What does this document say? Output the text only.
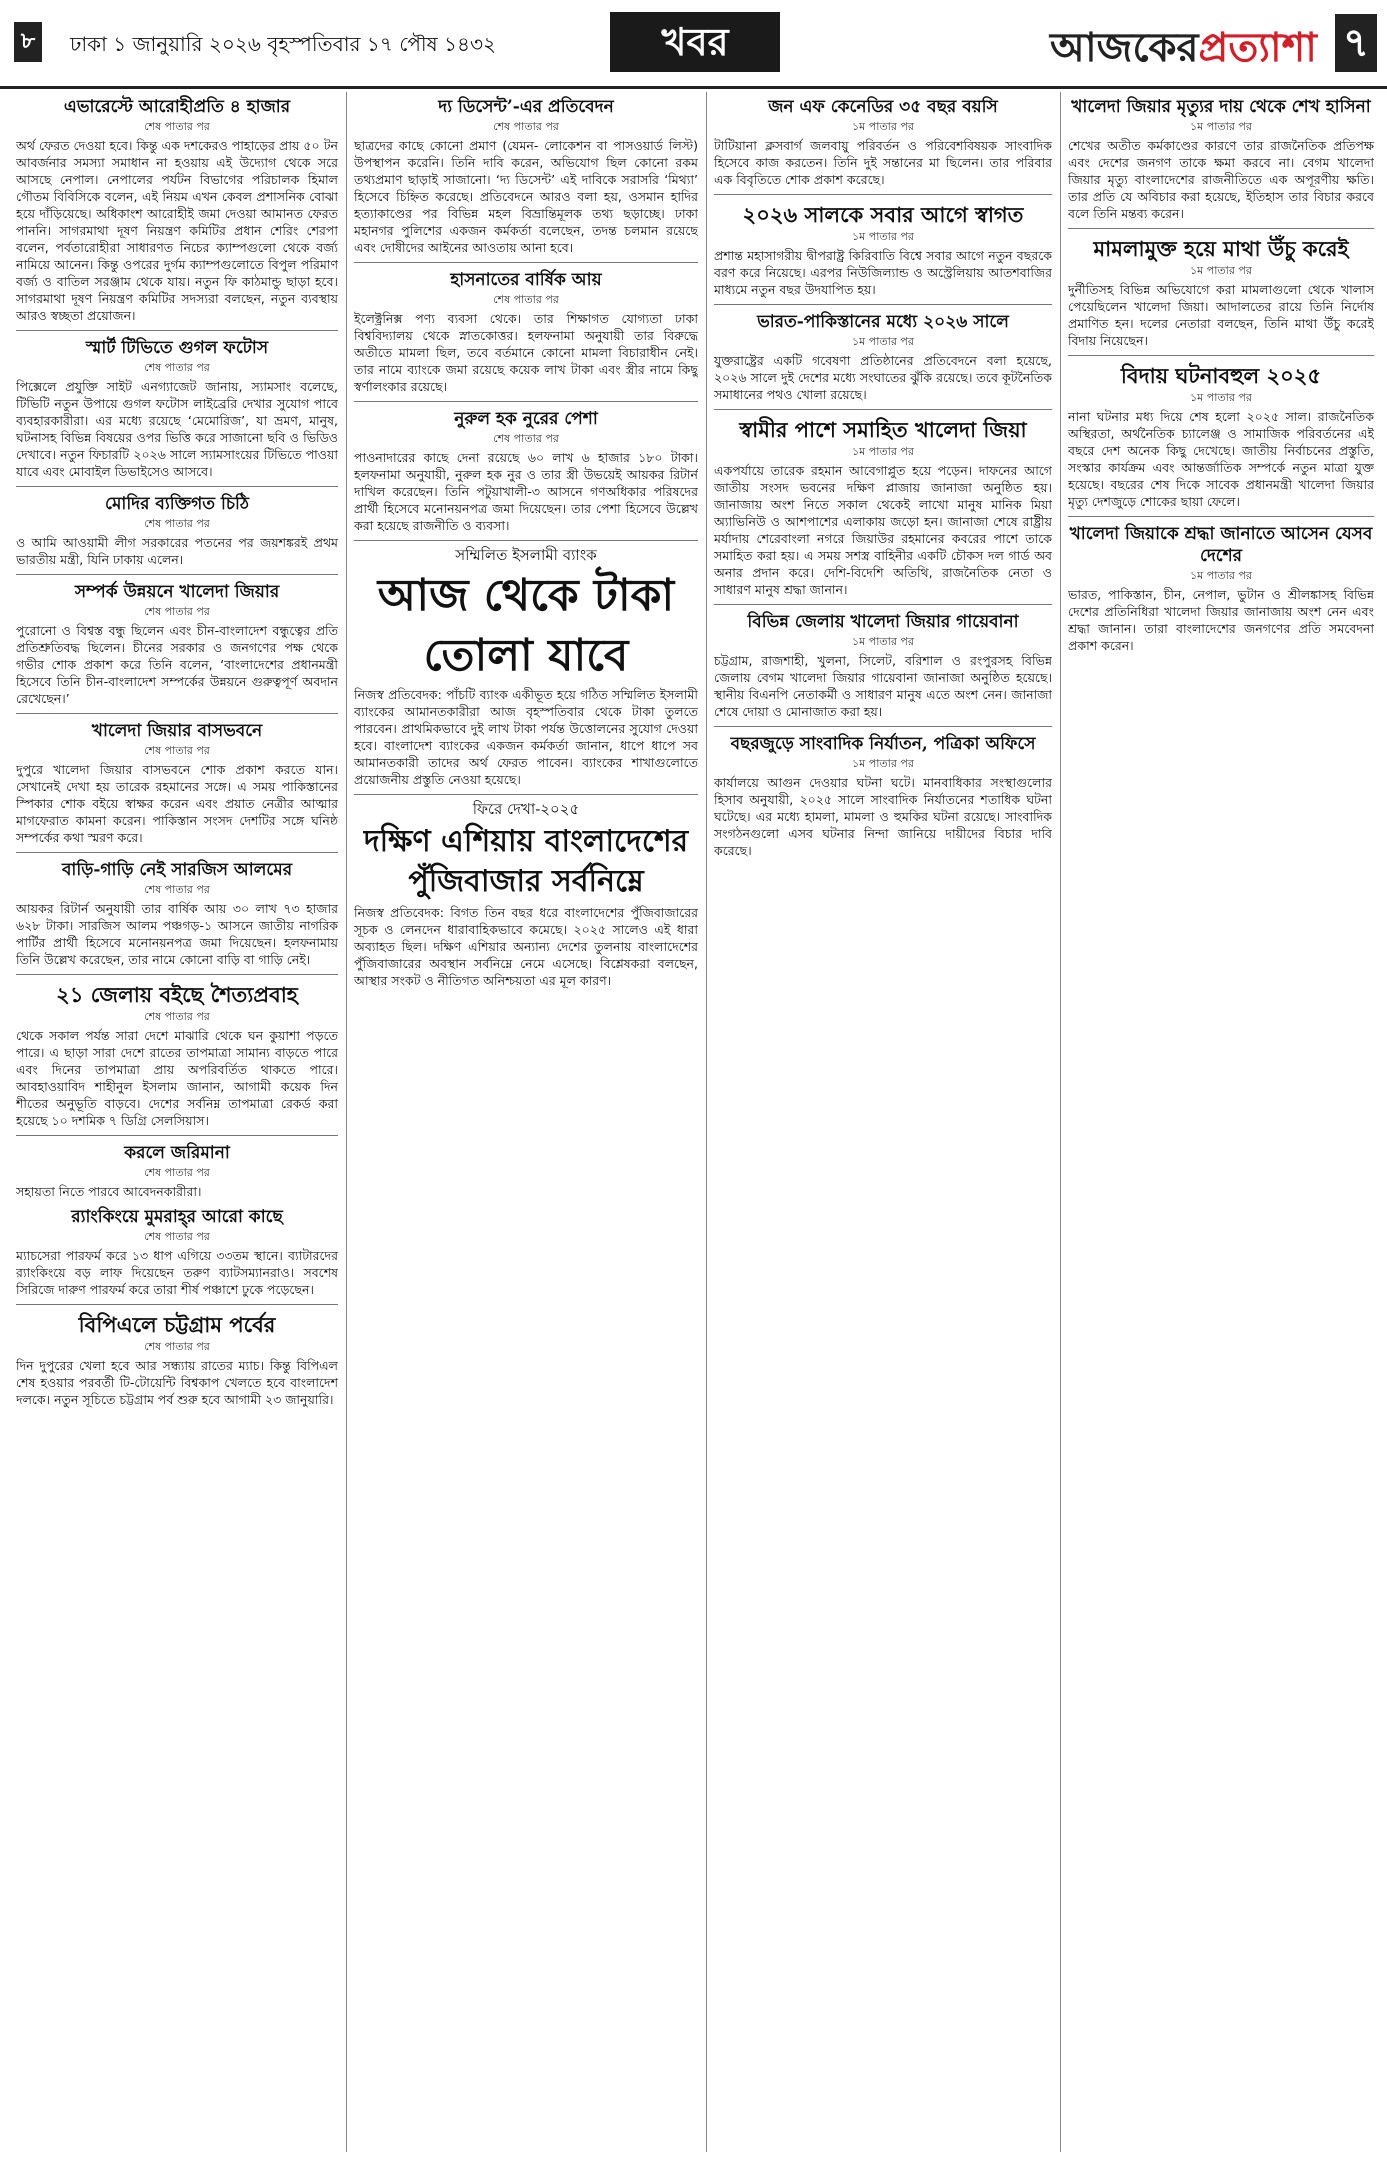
৮	ঢাকা ১ জানুয়ারি ২০২৬ বৃহস্পতিবার ১৭ পৌষ ১৪৩২	খবর	আজকেরপ্রত্যাশা ৭
এভারেস্টে আরোহীপ্রতি ৪ হাজার
শেষ পাতার পর

অর্থ ফেরত দেওয়া হবে। কিন্তু এক দশকেরও পাহাড়ের প্রায় ৫০ টন আবর্জনার সমস্যা সমাধান না হওয়ায় এই উদ্যোগ থেকে সরে আসছে নেপাল। নেপালের পর্যটন বিভাগের পরিচালক হিমাল গৌতম বিবিসিকে বলেন, এই নিয়ম এখন কেবল প্রশাসনিক বোঝা হয়ে দাঁড়িয়েছে। অধিকাংশ আরোহীই জমা দেওয়া আমানত ফেরত পাননি। সাগরমাথা দূষণ নিয়ন্ত্রণ কমিটির প্রধান শেরিং শেরপা বলেন, পর্বতারোহীরা সাধারণত নিচের ক্যাম্পগুলো থেকে বর্জ্য নামিয়ে আনেন। কিন্তু ওপরের দুর্গম ক্যাম্পগুলোতে বিপুল পরিমাণ বর্জ্য ও বাতিল সরঞ্জাম থেকে যায়। নতুন ফি কাঠমান্ডু ছাড়া হবে। সাগরমাথা দূষণ নিয়ন্ত্রণ কমিটির সদস্যরা বলছেন, নতুন ব্যবস্থায় আরও স্বচ্ছতা প্রয়োজন।

স্মার্ট টিভিতে গুগল ফটোস
শেষ পাতার পর

পিক্সেলে প্রযুক্তি সাইট এনগ্যাজেট জানায়, স্যামসাং বলেছে, টিভিটি নতুন উপায়ে গুগল ফটোস লাইব্রেরি দেখার সুযোগ পাবে ব্যবহারকারীরা। এর মধ্যে রয়েছে ‘মেমোরিজ’, যা ভ্রমণ, মানুষ, ঘটনাসহ বিভিন্ন বিষয়ের ওপর ভিত্তি করে সাজানো ছবি ও ভিডিও দেখাবে। নতুন ফিচারটি ২০২৬ সালে স্যামসাংয়ের টিভিতে পাওয়া যাবে এবং মোবাইল ডিভাইসেও আসবে।

মোদির ব্যক্তিগত চিঠি
শেষ পাতার পর

ও আমি আওয়ামী লীগ সরকারের পতনের পর জয়শঙ্করই প্রথম ভারতীয় মন্ত্রী, যিনি ঢাকায় এলেন।

সম্পর্ক উন্নয়নে খালেদা জিয়ার
শেষ পাতার পর

পুরোনো ও বিশ্বস্ত বন্ধু ছিলেন এবং চীন-বাংলাদেশ বন্ধুত্বের প্রতি প্রতিশ্রুতিবদ্ধ ছিলেন। চীনের সরকার ও জনগণের পক্ষ থেকে গভীর শোক প্রকাশ করে তিনি বলেন, ‘বাংলাদেশের প্রধানমন্ত্রী হিসেবে তিনি চীন-বাংলাদেশ সম্পর্কের উন্নয়নে গুরুত্বপূর্ণ অবদান রেখেছেন।’

খালেদা জিয়ার বাসভবনে
শেষ পাতার পর

দুপুরে খালেদা জিয়ার বাসভবনে শোক প্রকাশ করতে যান। সেখানেই দেখা হয় তারেক রহমানের সঙ্গে। এ সময় পাকিস্তানের স্পিকার শোক বইয়ে স্বাক্ষর করেন এবং প্রয়াত নেত্রীর আত্মার মাগফেরাত কামনা করেন। পাকিস্তান সংসদ দেশটির সঙ্গে ঘনিষ্ঠ সম্পর্কের কথা স্মরণ করে।

বাড়ি-গাড়ি নেই সারজিস আলমের
শেষ পাতার পর

আয়কর রিটার্ন অনুযায়ী তার বার্ষিক আয় ৩০ লাখ ৭৩ হাজার ৬২৮ টাকা। সারজিস আলম পঞ্চগড়-১ আসনে জাতীয় নাগরিক পার্টির প্রার্থী হিসেবে মনোনয়নপত্র জমা দিয়েছেন। হলফনামায় তিনি উল্লেখ করেছেন, তার নামে কোনো বাড়ি বা গাড়ি নেই।

২১ জেলায় বইছে শৈত্যপ্রবাহ
শেষ পাতার পর

থেকে সকাল পর্যন্ত সারা দেশে মাঝারি থেকে ঘন কুয়াশা পড়তে পারে। এ ছাড়া সারা দেশে রাতের তাপমাত্রা সামান্য বাড়তে পারে এবং দিনের তাপমাত্রা প্রায় অপরিবর্তিত থাকতে পারে। আবহাওয়াবিদ শাহীনুল ইসলাম জানান, আগামী কয়েক দিন শীতের অনুভূতি বাড়বে। দেশের সর্বনিম্ন তাপমাত্রা রেকর্ড করা হয়েছে ১০ দশমিক ৭ ডিগ্রি সেলসিয়াস।

করলে জরিমানা
শেষ পাতার পর

সহায়তা নিতে পারবে আবেদনকারীরা।

র‌্যাংকিংয়ে মুমরাহ্‌র আরো কাছে
শেষ পাতার পর

ম্যাচসেরা পারফর্ম করে ১৩ ধাপ এগিয়ে ৩৩তম স্থানে। ব্যাটারদের র‌্যাংকিংয়ে বড় লাফ দিয়েছেন তরুণ ব্যাটসম্যানরাও। সবশেষ সিরিজে দারুণ পারফর্ম করে তারা শীর্ষ পঞ্চাশে ঢুকে পড়েছেন।

বিপিএলে চট্টগ্রাম পর্বের
শেষ পাতার পর

দিন দুপুরের খেলা হবে আর সন্ধ্যায় রাতের ম্যাচ। কিন্তু বিপিএল শেষ হওয়ার পরবর্তী টি-টোয়েন্টি বিশ্বকাপ খেলতে হবে বাংলাদেশ দলকে। নতুন সূচিতে চট্টগ্রাম পর্ব শুরু হবে আগামী ২৩ জানুয়ারি।

দ্য ডিসেন্ট’-এর প্রতিবেদন
শেষ পাতার পর

ছাত্রদের কাছে কোনো প্রমাণ (যেমন- লোকেশন বা পাসওয়ার্ড লিস্ট) উপস্থাপন করেনি। তিনি দাবি করেন, অভিযোগ ছিল কোনো রকম তথ্যপ্রমাণ ছাড়াই সাজানো। ‘দ্য ডিসেন্ট’ এই দাবিকে সরাসরি ‘মিথ্যা’ হিসেবে চিহ্নিত করেছে। প্রতিবেদনে আরও বলা হয়, ওসমান হাদির হত্যাকাণ্ডের পর বিভিন্ন মহল বিভ্রান্তিমূলক তথ্য ছড়াচ্ছে। ঢাকা মহানগর পুলিশের একজন কর্মকর্তা বলেছেন, তদন্ত চলমান রয়েছে এবং দোষীদের আইনের আওতায় আনা হবে।

হাসনাতের বার্ষিক আয়
শেষ পাতার পর

ইলেক্ট্রনিক্স পণ্য ব্যবসা থেকে। তার শিক্ষাগত যোগ্যতা ঢাকা বিশ্ববিদ্যালয় থেকে স্নাতকোত্তর। হলফনামা অনুযায়ী তার বিরুদ্ধে অতীতে মামলা ছিল, তবে বর্তমানে কোনো মামলা বিচারাধীন নেই। তার নামে ব্যাংকে জমা রয়েছে কয়েক লাখ টাকা এবং স্ত্রীর নামে কিছু স্বর্ণালংকার রয়েছে।

নুরুল হক নুরের পেশা
শেষ পাতার পর

পাওনাদারের কাছে দেনা রয়েছে ৬০ লাখ ৬ হাজার ১৮০ টাকা। হলফনামা অনুযায়ী, নুরুল হক নুর ও তার স্ত্রী উভয়েই আয়কর রিটার্ন দাখিল করেছেন। তিনি পটুয়াখালী-৩ আসনে গণঅধিকার পরিষদের প্রার্থী হিসেবে মনোনয়নপত্র জমা দিয়েছেন। তার পেশা হিসেবে উল্লেখ করা হয়েছে রাজনীতি ও ব্যবসা।

সম্মিলিত ইসলামী ব্যাংক
আজ থেকে টাকা
তোলা যাবে

নিজস্ব প্রতিবেদক: পাঁচটি ব্যাংক একীভূত হয়ে গঠিত সম্মিলিত ইসলামী ব্যাংকের আমানতকারীরা আজ বৃহস্পতিবার থেকে টাকা তুলতে পারবেন। প্রাথমিকভাবে দুই লাখ টাকা পর্যন্ত উত্তোলনের সুযোগ দেওয়া হবে। বাংলাদেশ ব্যাংকের একজন কর্মকর্তা জানান, ধাপে ধাপে সব আমানতকারী তাদের অর্থ ফেরত পাবেন। ব্যাংকের শাখাগুলোতে প্রয়োজনীয় প্রস্তুতি নেওয়া হয়েছে।

ফিরে দেখা-২০২৫
দক্ষিণ এশিয়ায় বাংলাদেশের পুঁজিবাজার সর্বনিম্নে

নিজস্ব প্রতিবেদক: বিগত তিন বছর ধরে বাংলাদেশের পুঁজিবাজারের সূচক ও লেনদেন ধারাবাহিকভাবে কমেছে। ২০২৫ সালেও এই ধারা অব্যাহত ছিল। দক্ষিণ এশিয়ার অন্যান্য দেশের তুলনায় বাংলাদেশের পুঁজিবাজারের অবস্থান সর্বনিম্নে নেমে এসেছে। বিশ্লেষকরা বলছেন, আস্থার সংকট ও নীতিগত অনিশ্চয়তা এর মূল কারণ।

জন এফ কেনেডির ৩৫ বছর বয়সি
১ম পাতার পর

টাটিয়ানা ক্লসবার্গ জলবায়ু পরিবর্তন ও পরিবেশবিষয়ক সাংবাদিক হিসেবে কাজ করতেন। তিনি দুই সন্তানের মা ছিলেন। তার পরিবার এক বিবৃতিতে শোক প্রকাশ করেছে।

২০২৬ সালকে সবার আগে স্বাগত
১ম পাতার পর

প্রশান্ত মহাসাগরীয় দ্বীপরাষ্ট্র কিরিবাতি বিশ্বে সবার আগে নতুন বছরকে বরণ করে নিয়েছে। এরপর নিউজিল্যান্ড ও অস্ট্রেলিয়ায় আতশবাজির মাধ্যমে নতুন বছর উদযাপিত হয়।

ভারত-পাকিস্তানের মধ্যে ২০২৬ সালে
১ম পাতার পর

যুক্তরাষ্ট্রের একটি গবেষণা প্রতিষ্ঠানের প্রতিবেদনে বলা হয়েছে, ২০২৬ সালে দুই দেশের মধ্যে সংঘাতের ঝুঁকি রয়েছে। তবে কূটনৈতিক সমাধানের পথও খোলা রয়েছে।

স্বামীর পাশে সমাহিত খালেদা জিয়া
১ম পাতার পর

একপর্যায়ে তারেক রহমান আবেগাপ্লুত হয়ে পড়েন। দাফনের আগে জাতীয় সংসদ ভবনের দক্ষিণ প্লাজায় জানাজা অনুষ্ঠিত হয়। জানাজায় অংশ নিতে সকাল থেকেই লাখো মানুষ মানিক মিয়া অ্যাভিনিউ ও আশপাশের এলাকায় জড়ো হন। জানাজা শেষে রাষ্ট্রীয় মর্যাদায় শেরেবাংলা নগরে জিয়াউর রহমানের কবরের পাশে তাকে সমাহিত করা হয়। এ সময় সশস্ত্র বাহিনীর একটি চৌকস দল গার্ড অব অনার প্রদান করে। দেশি-বিদেশি অতিথি, রাজনৈতিক নেতা ও সাধারণ মানুষ শ্রদ্ধা জানান।

বিভিন্ন জেলায় খালেদা জিয়ার গায়েবানা
১ম পাতার পর

চট্টগ্রাম, রাজশাহী, খুলনা, সিলেট, বরিশাল ও রংপুরসহ বিভিন্ন জেলায় বেগম খালেদা জিয়ার গায়েবানা জানাজা অনুষ্ঠিত হয়েছে। স্থানীয় বিএনপি নেতাকর্মী ও সাধারণ মানুষ এতে অংশ নেন। জানাজা শেষে দোয়া ও মোনাজাত করা হয়।

বছরজুড়ে সাংবাদিক নির্যাতন, পত্রিকা অফিসে
১ম পাতার পর

কার্যালয়ে আগুন দেওয়ার ঘটনা ঘটে। মানবাধিকার সংস্থাগুলোর হিসাব অনুযায়ী, ২০২৫ সালে সাংবাদিক নির্যাতনের শতাধিক ঘটনা ঘটেছে। এর মধ্যে হামলা, মামলা ও হুমকির ঘটনা রয়েছে। সাংবাদিক সংগঠনগুলো এসব ঘটনার নিন্দা জানিয়ে দায়ীদের বিচার দাবি করেছে।

খালেদা জিয়ার মৃত্যুর দায় থেকে শেখ হাসিনা
১ম পাতার পর

শেখের অতীত কর্মকাণ্ডের কারণে তার রাজনৈতিক প্রতিপক্ষ এবং দেশের জনগণ তাকে ক্ষমা করবে না। বেগম খালেদা জিয়ার মৃত্যু বাংলাদেশের রাজনীতিতে এক অপূরণীয় ক্ষতি। তার প্রতি যে অবিচার করা হয়েছে, ইতিহাস তার বিচার করবে বলে তিনি মন্তব্য করেন।

মামলামুক্ত হয়ে মাথা উঁচু করেই
১ম পাতার পর

দুর্নীতিসহ বিভিন্ন অভিযোগে করা মামলাগুলো থেকে খালাস পেয়েছিলেন খালেদা জিয়া। আদালতের রায়ে তিনি নির্দোষ প্রমাণিত হন। দলের নেতারা বলছেন, তিনি মাথা উঁচু করেই বিদায় নিয়েছেন।

বিদায় ঘটনাবহুল ২০২৫
১ম পাতার পর

নানা ঘটনার মধ্য দিয়ে শেষ হলো ২০২৫ সাল। রাজনৈতিক অস্থিরতা, অর্থনৈতিক চ্যালেঞ্জ ও সামাজিক পরিবর্তনের এই বছরে দেশ অনেক কিছু দেখেছে। জাতীয় নির্বাচনের প্রস্তুতি, সংস্কার কার্যক্রম এবং আন্তর্জাতিক সম্পর্কে নতুন মাত্রা যুক্ত হয়েছে। বছরের শেষ দিকে সাবেক প্রধানমন্ত্রী খালেদা জিয়ার মৃত্যু দেশজুড়ে শোকের ছায়া ফেলে।

খালেদা জিয়াকে শ্রদ্ধা জানাতে আসেন যেসব দেশের
১ম পাতার পর

ভারত, পাকিস্তান, চীন, নেপাল, ভুটান ও শ্রীলঙ্কাসহ বিভিন্ন দেশের প্রতিনিধিরা খালেদা জিয়ার জানাজায় অংশ নেন এবং শ্রদ্ধা জানান। তারা বাংলাদেশের জনগণের প্রতি সমবেদনা প্রকাশ করেন।
